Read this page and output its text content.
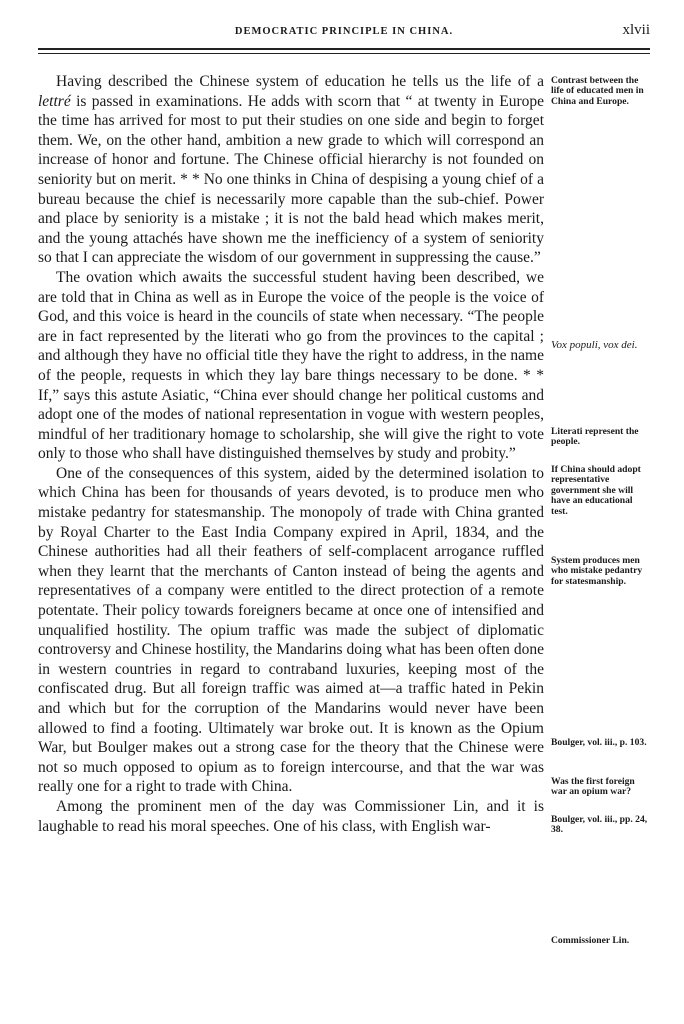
DEMOCRATIC PRINCIPLE IN CHINA.	xlvii

Having described the Chinese system of education he tells us the life of a lettré is passed in examinations. He adds with scorn that “ at twenty in Europe the time has arrived for most to put their studies on one side and begin to forget them. We, on the other hand, ambition a new grade to which will correspond an increase of honor and fortune. The Chinese official hierarchy is not founded on seniority but on merit. * * No one thinks in China of despising a young chief of a bureau because the chief is necessarily more capable than the sub-chief. Power and place by seniority is a mistake ; it is not the bald head which makes merit, and the young attachés have shown me the inefficiency of a system of seniority so that I can appreciate the wisdom of our government in suppressing the cause.”

The ovation which awaits the successful student having been described, we are told that in China as well as in Europe the voice of the people is the voice of God, and this voice is heard in the councils of state when necessary. “The people are in fact represented by the literati who go from the provinces to the capital ; and although they have no official title they have the right to address, in the name of the people, requests in which they lay bare things necessary to be done. * * If,” says this astute Asiatic, “China ever should change her political customs and adopt one of the modes of national representation in vogue with western peoples, mindful of her traditionary homage to scholarship, she will give the right to vote only to those who shall have distinguished themselves by study and probity.”

One of the consequences of this system, aided by the determined isolation to which China has been for thousands of years devoted, is to produce men who mistake pedantry for statesmanship. The monopoly of trade with China granted by Royal Charter to the East India Company expired in April, 1834, and the Chinese authorities had all their feathers of self-complacent arrogance ruffled when they learnt that the merchants of Canton instead of being the agents and representatives of a company were entitled to the direct protection of a remote potentate. Their policy towards foreigners became at once one of intensified and unqualified hostility. The opium traffic was made the subject of diplomatic controversy and Chinese hostility, the Mandarins doing what has been often done in western countries in regard to contraband luxuries, keeping most of the confiscated drug. But all foreign traffic was aimed at—a traffic hated in Pekin and which but for the corruption of the Mandarins would never have been allowed to find a footing. Ultimately war broke out. It is known as the Opium War, but Boulger makes out a strong case for the theory that the Chinese were not so much opposed to opium as to foreign intercourse, and that the war was really one for a right to trade with China.

Among the prominent men of the day was Commissioner Lin, and it is laughable to read his moral speeches. One of his class, with English war-

Contrast between the life of educated men in China and Europe.
Vox populi, vox dei.
Literati represent the people.
If China should adopt representative government she will have an educational test.
System produces men who mistake pedantry for statesmanship.
Boulger, vol. iii., p. 103.
Was the first foreign war an opium war?
Boulger, vol. iii., pp. 24, 38.
Commissioner Lin.
